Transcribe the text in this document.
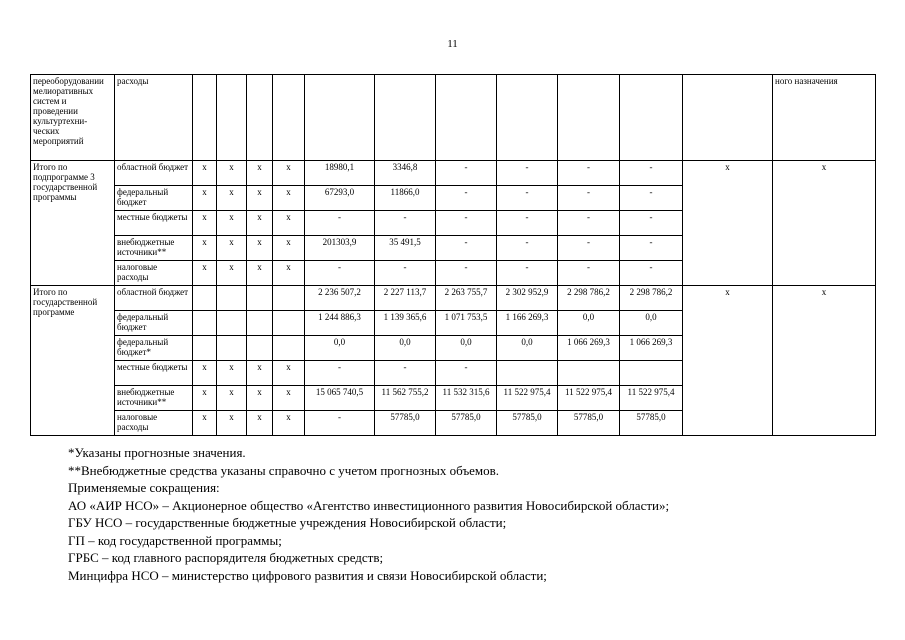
11
переоборудовании мелиоративных систем и проведении культуртехни-ческих мероприятий	расходы												ного назначения
Итого по подпрограмме 3 государственной программы	областной бюджет	x	x	x	x	18980,1	3346,8	-	-	-	-	x	x
	федеральный бюджет	x	x	x	x	67293,0	11866,0	-	-	-	-		
	местные бюджеты	x	x	x	x	-	-	-	-	-	-		
	внебюджетные источники**	x	x	x	x	201303,9	35 491,5	-	-	-	-		
	налоговые расходы	x	x	x	x	-	-	-	-	-	-		
Итого по государственной программе	областной бюджет					2 236 507,2	2 227 113,7	2 263 755,7	2 302 952,9	2 298 786,2	2 298 786,2	x	x
	федеральный бюджет					1 244 886,3	1 139 365,6	1 071 753,5	1 166 269,3	0,0	0,0		
	федеральный бюджет*					0,0	0,0	0,0	0,0	1 066 269,3	1 066 269,3		
	местные бюджеты	x	x	x	x	-	-	-					
	внебюджетные источники**	x	x	x	x	15 065 740,5	11 562 755,2	11 532 315,6	11 522 975,4	11 522 975,4	11 522 975,4		
	налоговые расходы	x	x	x	x	-	57785,0	57785,0	57785,0	57785,0	57785,0		
*Указаны прогнозные значения.
**Внебюджетные средства указаны справочно с учетом прогнозных объемов.
Применяемые сокращения:
АО «АИР НСО» – Акционерное общество «Агентство инвестиционного развития Новосибирской области»;
ГБУ НСО – государственные бюджетные учреждения Новосибирской области;
ГП – код государственной программы;
ГРБС – код главного распорядителя бюджетных средств;
Минцифра НСО – министерство цифрового развития и связи Новосибирской области;
